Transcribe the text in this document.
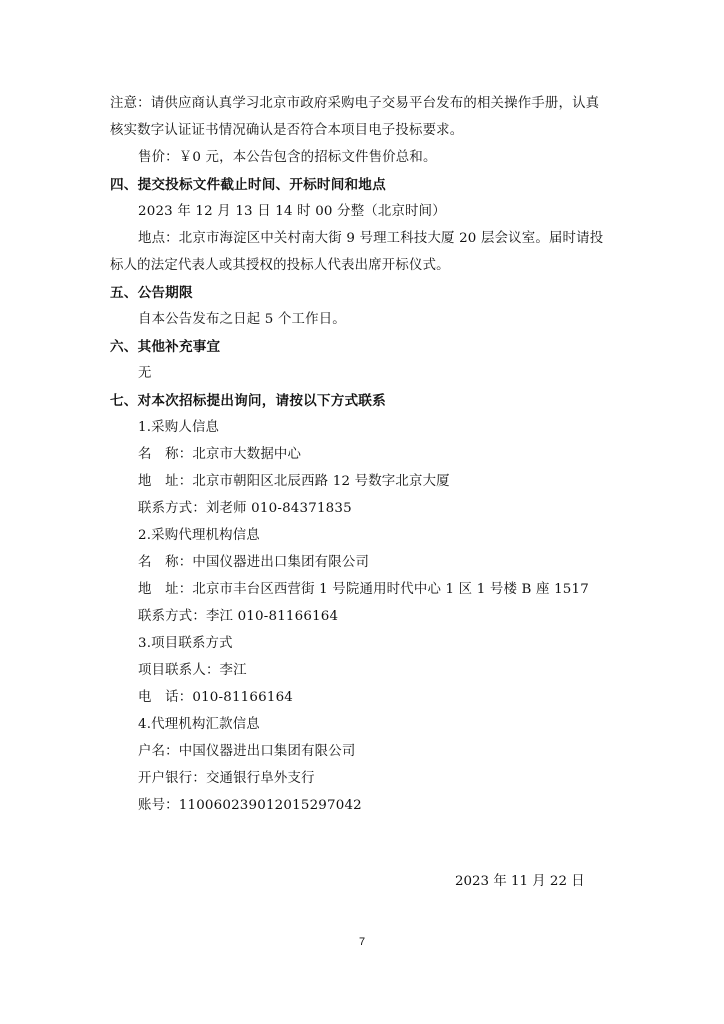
注意：请供应商认真学习北京市政府采购电子交易平台发布的相关操作手册，认真
核实数字认证证书情况确认是否符合本项目电子投标要求。
售价：￥0 元，本公告包含的招标文件售价总和。
四、提交投标文件截止时间、开标时间和地点
2023 年 12 月 13 日 14 时 00 分整（北京时间）
地点：北京市海淀区中关村南大街 9 号理工科技大厦 20 层会议室。届时请投
标人的法定代表人或其授权的投标人代表出席开标仪式。
五、公告期限
自本公告发布之日起 5 个工作日。
六、其他补充事宜
无
七、对本次招标提出询问，请按以下方式联系
1.采购人信息
名　称：北京市大数据中心
地　址：北京市朝阳区北辰西路 12 号数字北京大厦
联系方式：刘老师 010-84371835
2.采购代理机构信息
名　称：中国仪器进出口集团有限公司
地　址：北京市丰台区西营街 1 号院通用时代中心 1 区 1 号楼 B 座 1517
联系方式：李江 010-81166164
3.项目联系方式
项目联系人：李江
电　话：010-81166164
4.代理机构汇款信息
户名：中国仪器进出口集团有限公司
开户银行：交通银行阜外支行
账号：110060239012015297042
2023 年 11 月 22 日
7
